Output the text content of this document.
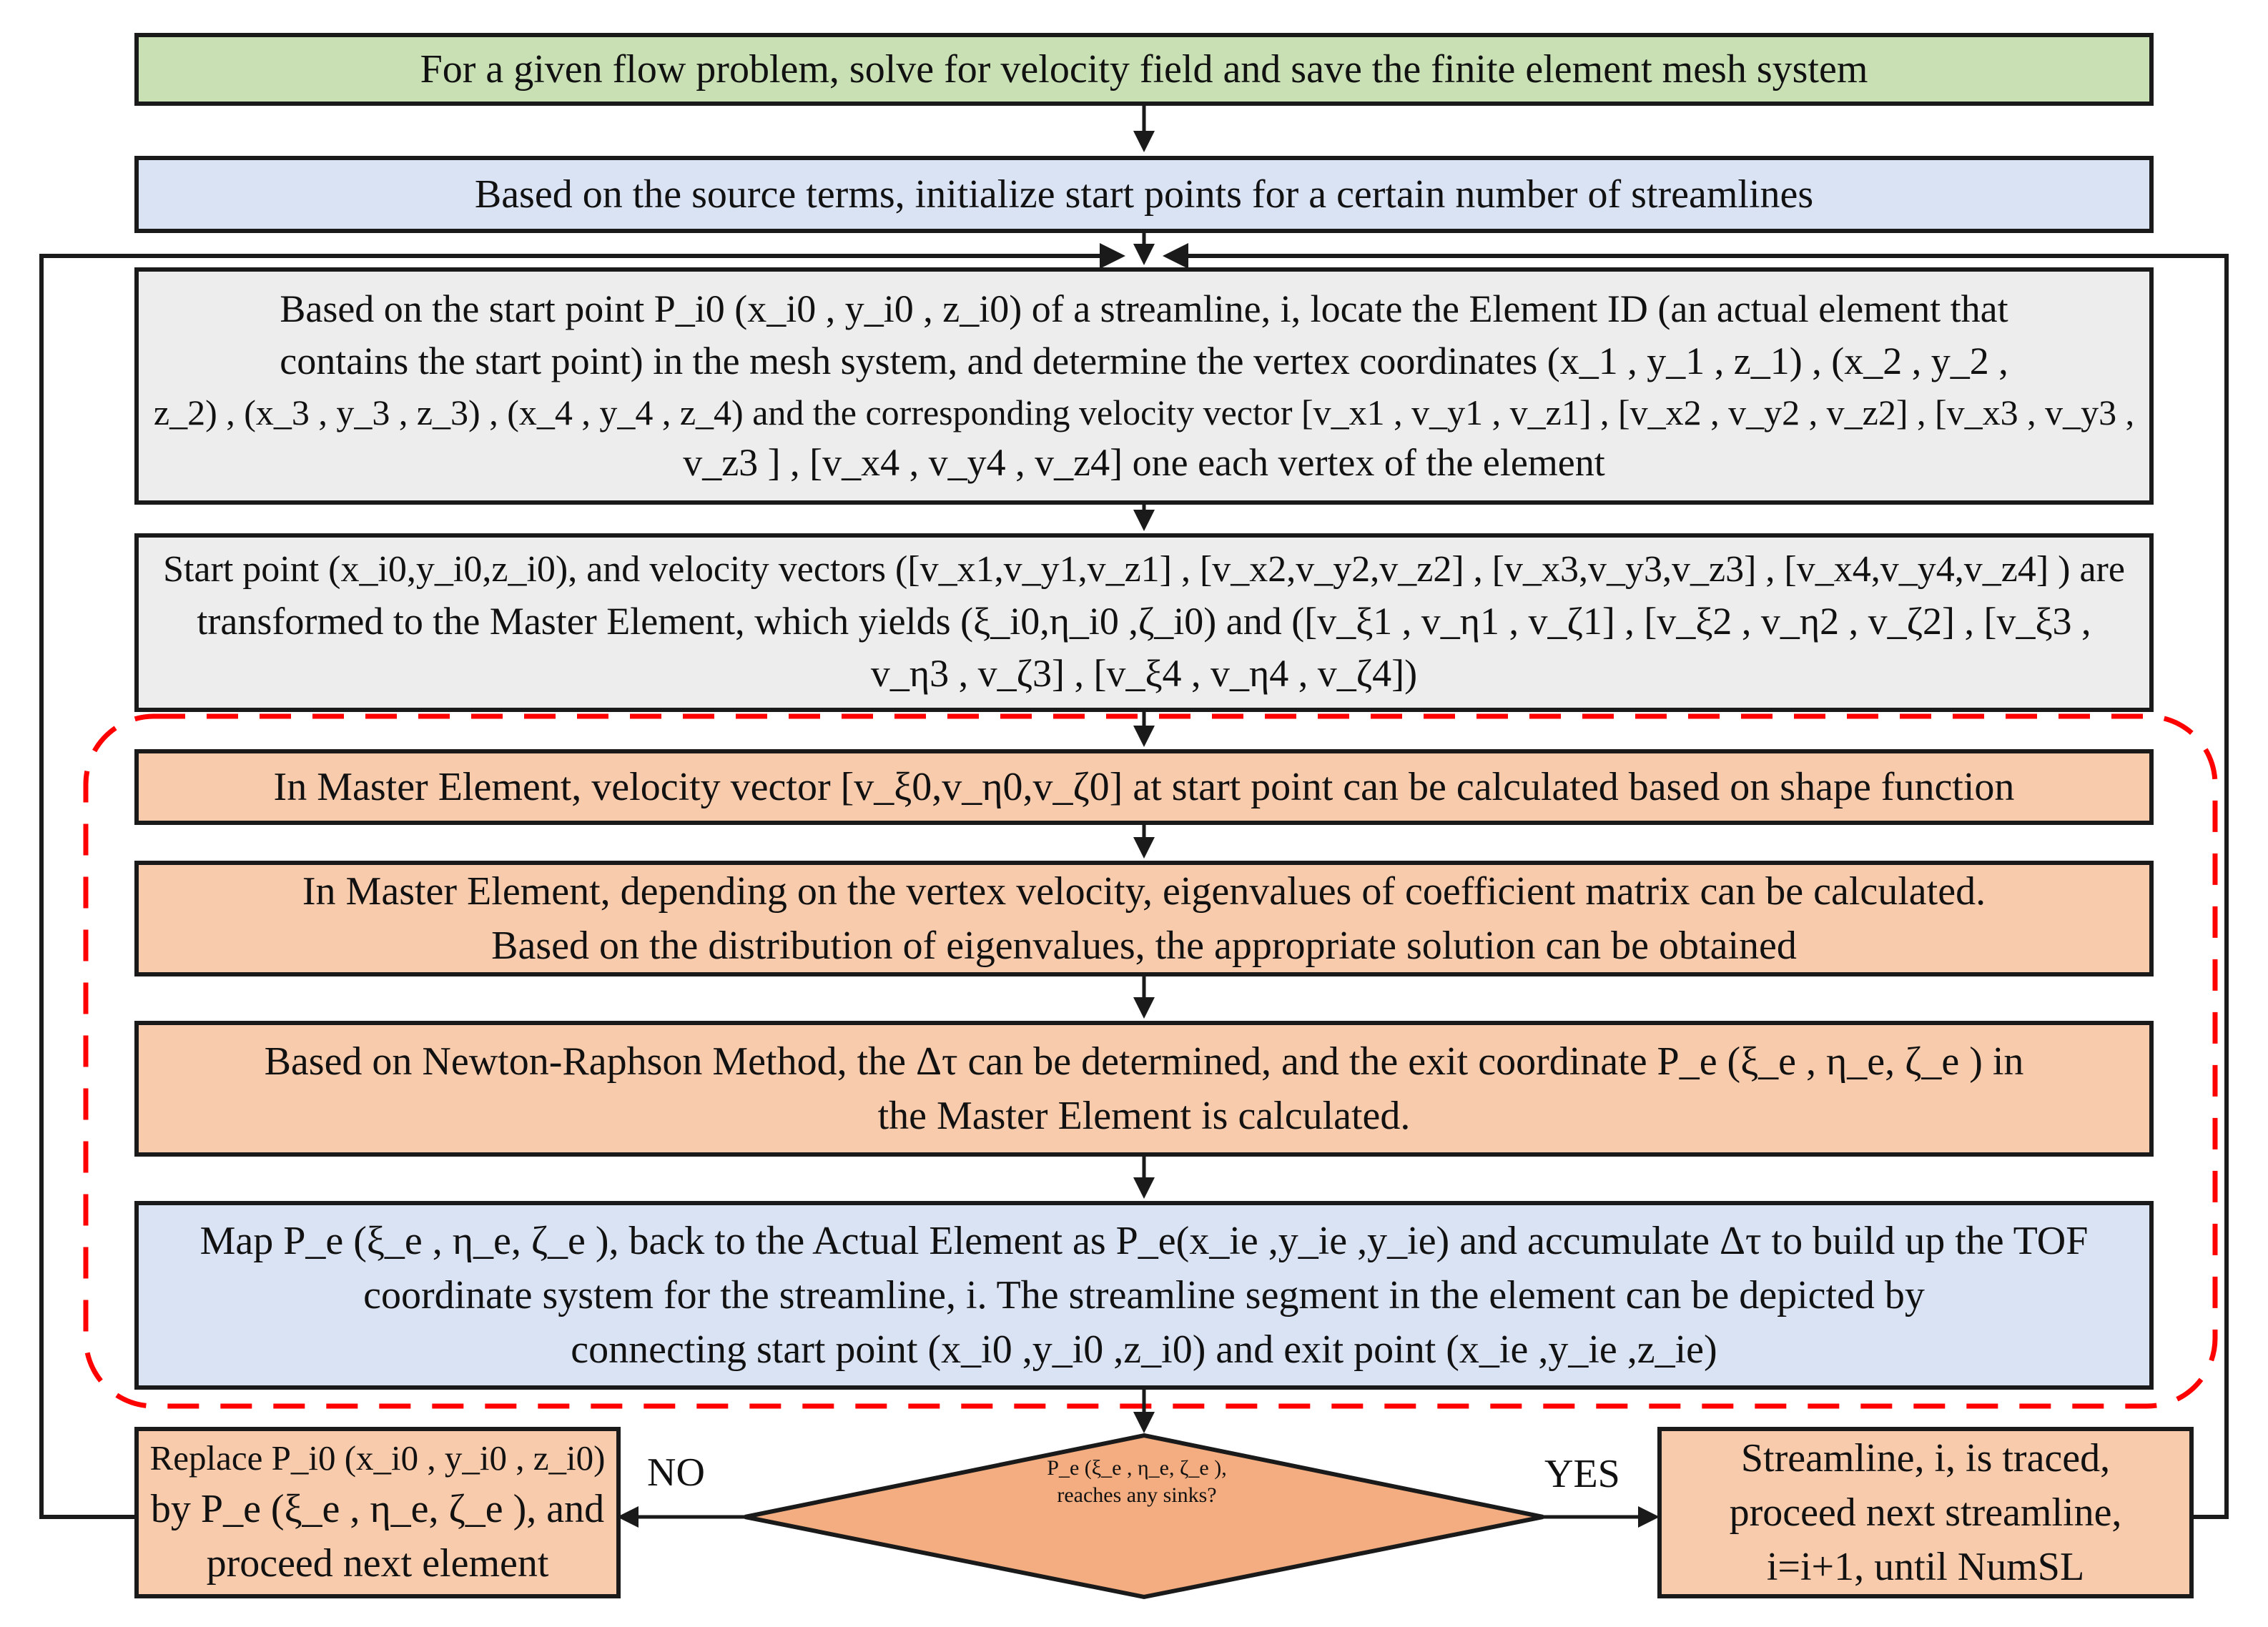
For a given flow problem, solve for velocity field and save the finite element mesh system
Based on the source terms, initialize start points for a certain number of streamlines
Based on the start point P_i0 (x_i0 , y_i0 , z_i0) of a streamline, i, locate the Element ID (an actual element that
contains the start point) in the mesh system, and determine the vertex coordinates (x_1 , y_1 , z_1) , (x_2 , y_2 ,
z_2) , (x_3 , y_3 , z_3) , (x_4 , y_4 , z_4) and the corresponding velocity vector [v_x1 , v_y1 , v_z1] , [v_x2 , v_y2 , v_z2] , [v_x3 , v_y3 ,
v_z3 ] , [v_x4 , v_y4 , v_z4] one each vertex of the element
Start point (x_i0,y_i0,z_i0), and velocity vectors ([v_x1,v_y1,v_z1] , [v_x2,v_y2,v_z2] , [v_x3,v_y3,v_z3] , [v_x4,v_y4,v_z4] ) are
transformed to the Master Element, which yields (ξ_i0,η_i0 ,ζ_i0) and ([v_ξ1 , v_η1 , v_ζ1] , [v_ξ2 , v_η2 , v_ζ2] , [v_ξ3 ,
v_η3 , v_ζ3] , [v_ξ4 , v_η4 , v_ζ4])
In Master Element, velocity vector [v_ξ0,v_η0,v_ζ0] at start point can be calculated based on shape function
In Master Element, depending on the vertex velocity, eigenvalues of coefficient matrix can be calculated.
Based on the distribution of eigenvalues, the appropriate solution can be obtained
Based on Newton-Raphson Method, the Δτ can be determined, and the exit coordinate P_e (ξ_e , η_e, ζ_e ) in
the Master Element is calculated.
Map P_e (ξ_e , η_e, ζ_e ), back to the Actual Element as P_e(x_ie ,y_ie ,y_ie) and accumulate Δτ to build up the TOF
coordinate system for the streamline, i. The streamline segment in the element can be depicted by
connecting start point (x_i0 ,y_i0 ,z_i0) and exit point (x_ie ,y_ie ,z_ie)
P_e (ξ_e , η_e, ζ_e ),
reaches any sinks?
NO	YES
Replace P_i0 (x_i0 , y_i0 , z_i0)
by P_e (ξ_e , η_e, ζ_e ), and
proceed next element
Streamline, i, is traced,
proceed next streamline,
i=i+1, until NumSL
